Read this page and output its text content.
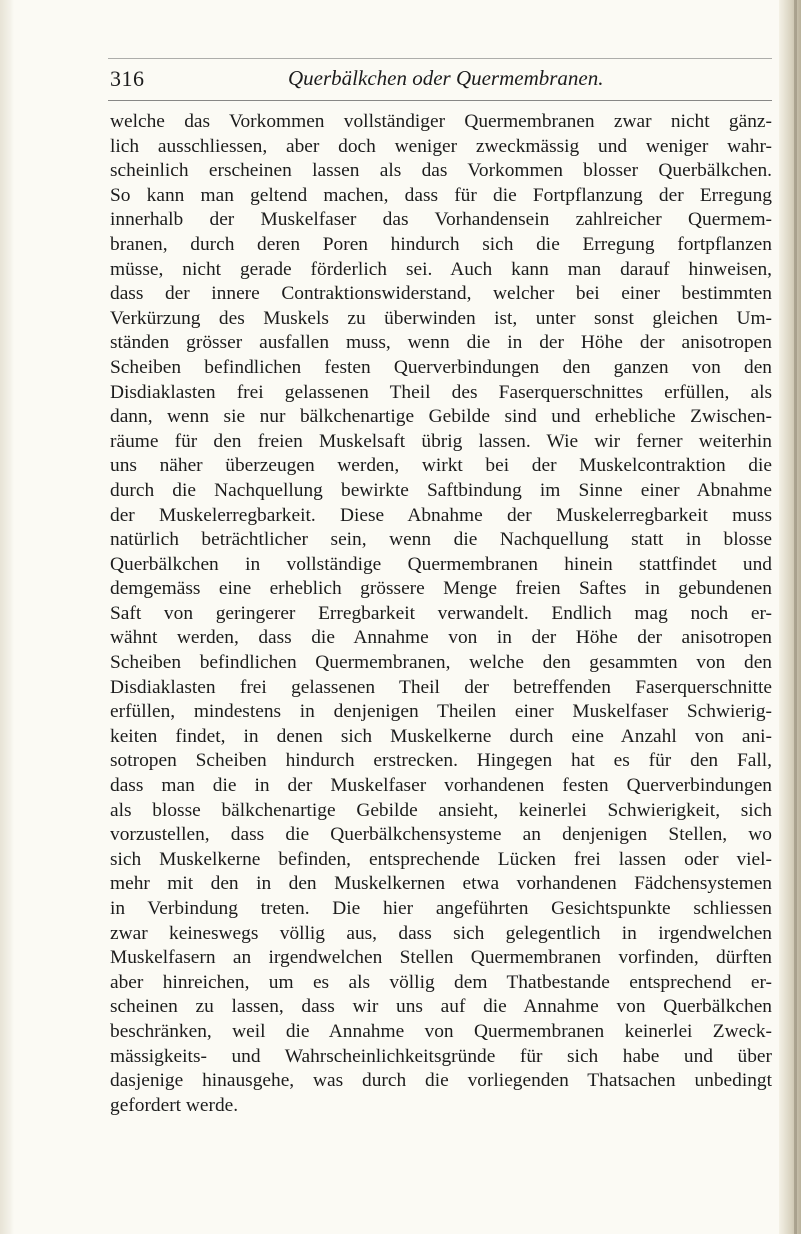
316	Querbälkchen oder Quermembranen.
welche das Vorkommen vollständiger Quermembranen zwar nicht gänz-
lich ausschliessen, aber doch weniger zweckmässig und weniger wahr-
scheinlich erscheinen lassen als das Vorkommen blosser Querbälkchen.
So kann man geltend machen, dass für die Fortpflanzung der Erregung
innerhalb der Muskelfaser das Vorhandensein zahlreicher Quermem-
branen, durch deren Poren hindurch sich die Erregung fortpflanzen
müsse, nicht gerade förderlich sei. Auch kann man darauf hinweisen,
dass der innere Contraktionswiderstand, welcher bei einer bestimmten
Verkürzung des Muskels zu überwinden ist, unter sonst gleichen Um-
ständen grösser ausfallen muss, wenn die in der Höhe der anisotropen
Scheiben befindlichen festen Querverbindungen den ganzen von den
Disdiaklasten frei gelassenen Theil des Faserquerschnittes erfüllen, als
dann, wenn sie nur bälkchenartige Gebilde sind und erhebliche Zwischen-
räume für den freien Muskelsaft übrig lassen. Wie wir ferner weiterhin
uns näher überzeugen werden, wirkt bei der Muskelcontraktion die
durch die Nachquellung bewirkte Saftbindung im Sinne einer Abnahme
der Muskelerregbarkeit. Diese Abnahme der Muskelerregbarkeit muss
natürlich beträchtlicher sein, wenn die Nachquellung statt in blosse
Querbälkchen in vollständige Quermembranen hinein stattfindet und
demgemäss eine erheblich grössere Menge freien Saftes in gebundenen
Saft von geringerer Erregbarkeit verwandelt. Endlich mag noch er-
wähnt werden, dass die Annahme von in der Höhe der anisotropen
Scheiben befindlichen Quermembranen, welche den gesammten von den
Disdiaklasten frei gelassenen Theil der betreffenden Faserquerschnitte
erfüllen, mindestens in denjenigen Theilen einer Muskelfaser Schwierig-
keiten findet, in denen sich Muskelkerne durch eine Anzahl von ani-
sotropen Scheiben hindurch erstrecken. Hingegen hat es für den Fall,
dass man die in der Muskelfaser vorhandenen festen Querverbindungen
als blosse bälkchenartige Gebilde ansieht, keinerlei Schwierigkeit, sich
vorzustellen, dass die Querbälkchensysteme an denjenigen Stellen, wo
sich Muskelkerne befinden, entsprechende Lücken frei lassen oder viel-
mehr mit den in den Muskelkernen etwa vorhandenen Fädchensystemen
in Verbindung treten. Die hier angeführten Gesichtspunkte schliessen
zwar keineswegs völlig aus, dass sich gelegentlich in irgendwelchen
Muskelfasern an irgendwelchen Stellen Quermembranen vorfinden, dürften
aber hinreichen, um es als völlig dem Thatbestande entsprechend er-
scheinen zu lassen, dass wir uns auf die Annahme von Querbälkchen
beschränken, weil die Annahme von Quermembranen keinerlei Zweck-
mässigkeits- und Wahrscheinlichkeitsgründe für sich habe und über
dasjenige hinausgehe, was durch die vorliegenden Thatsachen unbedingt
gefordert werde.
